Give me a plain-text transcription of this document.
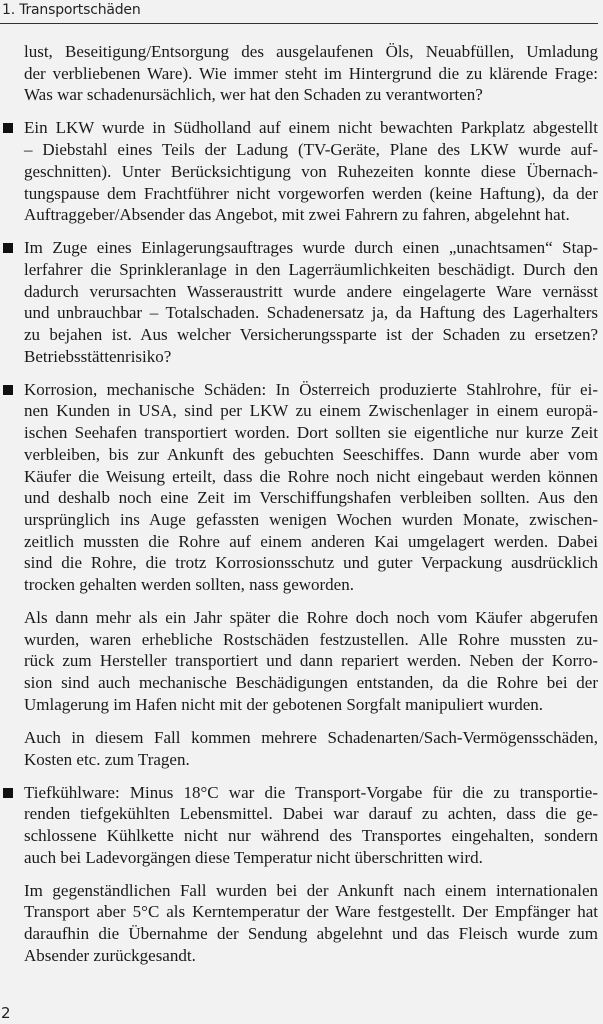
1. Transportschäden
lust, Beseitigung/Entsorgung des ausgelaufenen Öls, Neuabfüllen, Umladung
der verbliebenen Ware). Wie immer steht im Hintergrund die zu klärende Frage:
Was war schadenursächlich, wer hat den Schaden zu verantworten?
Ein LKW wurde in Südholland auf einem nicht bewachten Parkplatz abgestellt
– Diebstahl eines Teils der Ladung (TV-Geräte, Plane des LKW wurde auf-
geschnitten). Unter Berücksichtigung von Ruhezeiten konnte diese Übernach-
tungspause dem Frachtführer nicht vorgeworfen werden (keine Haftung), da der
Auftraggeber/Absender das Angebot, mit zwei Fahrern zu fahren, abgelehnt hat.
Im Zuge eines Einlagerungsauftrages wurde durch einen „unachtsamen“ Stap-
lerfahrer die Sprinkleranlage in den Lagerräumlichkeiten beschädigt. Durch den
dadurch verursachten Wasseraustritt wurde andere eingelagerte Ware vernässt
und unbrauchbar – Totalschaden. Schadenersatz ja, da Haftung des Lagerhalters
zu bejahen ist. Aus welcher Versicherungssparte ist der Schaden zu ersetzen?
Betriebsstättenrisiko?
Korrosion, mechanische Schäden: In Österreich produzierte Stahlrohre, für ei-
nen Kunden in USA, sind per LKW zu einem Zwischenlager in einem europä-
ischen Seehafen transportiert worden. Dort sollten sie eigentliche nur kurze Zeit
verbleiben, bis zur Ankunft des gebuchten Seeschiffes. Dann wurde aber vom
Käufer die Weisung erteilt, dass die Rohre noch nicht eingebaut werden können
und deshalb noch eine Zeit im Verschiffungshafen verbleiben sollten. Aus den
ursprünglich ins Auge gefassten wenigen Wochen wurden Monate, zwischen-
zeitlich mussten die Rohre auf einem anderen Kai umgelagert werden. Dabei
sind die Rohre, die trotz Korrosionsschutz und guter Verpackung ausdrücklich
trocken gehalten werden sollten, nass geworden.
Als dann mehr als ein Jahr später die Rohre doch noch vom Käufer abgerufen
wurden, waren erhebliche Rostschäden festzustellen. Alle Rohre mussten zu-
rück zum Hersteller transportiert und dann repariert werden. Neben der Korro-
sion sind auch mechanische Beschädigungen entstanden, da die Rohre bei der
Umlagerung im Hafen nicht mit der gebotenen Sorgfalt manipuliert wurden.
Auch in diesem Fall kommen mehrere Schadenarten/Sach-Vermögensschäden,
Kosten etc. zum Tragen.
Tiefkühlware: Minus 18°C war die Transport-Vorgabe für die zu transportie-
renden tiefgekühlten Lebensmittel. Dabei war darauf zu achten, dass die ge-
schlossene Kühlkette nicht nur während des Transportes eingehalten, sondern
auch bei Ladevorgängen diese Temperatur nicht überschritten wird.
Im gegenständlichen Fall wurden bei der Ankunft nach einem internationalen
Transport aber 5°C als Kerntemperatur der Ware festgestellt. Der Empfänger hat
daraufhin die Übernahme der Sendung abgelehnt und das Fleisch wurde zum
Absender zurückgesandt.
2
